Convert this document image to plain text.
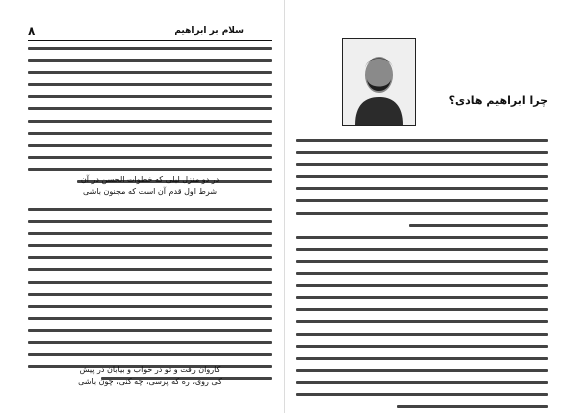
۸	سلام بر ابراهیم
در دو منزل لیلی که خطوات الحسن در آن
شرط اول قدم آن است که مجنون باشی
کاروان رفت و تو در خواب و بیابان در پیش
کی روی، ره که پرسی، چه کنی، چون باشی
چرا ابراهیم هادی؟
